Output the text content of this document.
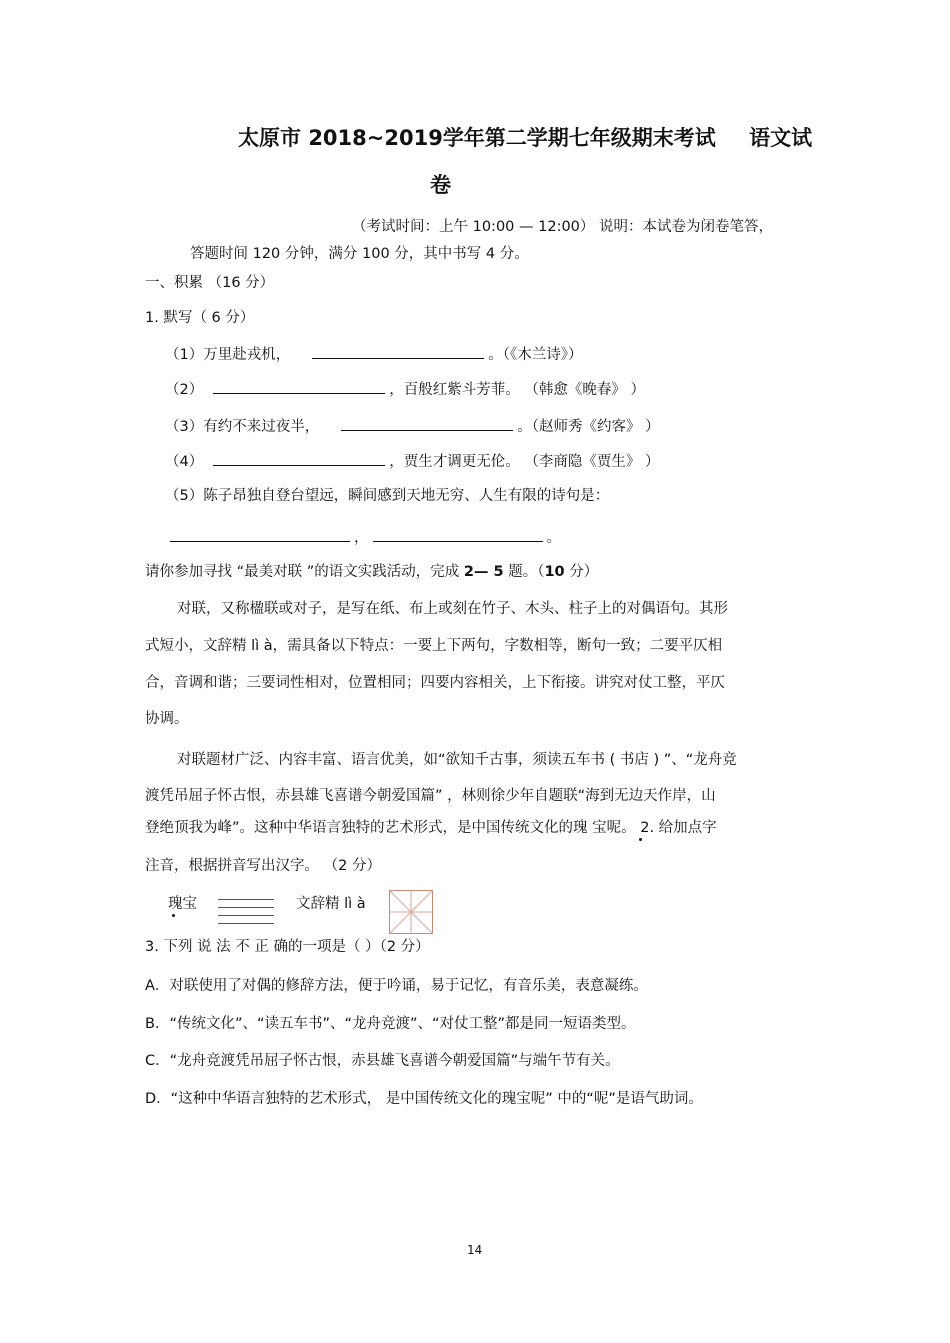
太原市 2018~2019学年第二学期七年级期末考试 语文试
卷
（考试时间：上午 10:00 — 12:00） 说明：本试卷为闭卷笔答，
答题时间 120 分钟，满分 100 分，其中书写 4 分。
一、积累 （16 分）
1. 默写（ 6 分）
（1）万里赴戎机，	。（《木兰诗》）
（2）	，百般红紫斗芳菲。 （韩愈《晚春》 ）
（3）有约不来过夜半，	。（赵师秀《约客》 ）
（4）	，贾生才调更无伦。 （李商隐《贾生》 ）
（5）陈子昂独自登台望远，瞬间感到天地无穷、人生有限的诗句是：
，	。
请你参加寻找 “最美对联 ”的语文实践活动，完成 2— 5 题。（10 分）
对联，又称楹联或对子，是写在纸、布上或刻在竹子、木头、柱子上的对偶语句。其形
式短小，文辞精 lì à，需具备以下特点：一要上下两句，字数相等，断句一致；二要平仄相
合，音调和谐；三要词性相对，位置相同；四要内容相关，上下衔接。讲究对仗工整，平仄
协调。
对联题材广泛、内容丰富、语言优美，如“欲知千古事，须读五车书 ( 书店 ) ”、“龙舟竞
渡凭吊屈子怀古恨，赤县雄飞喜谱今朝爱国篇” ，林则徐少年自题联“海到无边天作岸，山
登绝顶我为峰”。这种中华语言独特的艺术形式，是中国传统文化的瑰 宝呢。 2. 给加点字
注音，根据拼音写出汉字。 （2 分）
瑰宝	文辞精 lì à
3. 下列 说 法 不 正 确的一项是（ ）（2 分）
A．对联使用了对偶的修辞方法，便于吟诵，易于记忆，有音乐美，表意凝练。
B．“传统文化”、“读五车书”、“龙舟竞渡”、“对仗工整”都是同一短语类型。
C．“龙舟竞渡凭吊屈子怀古恨，赤县雄飞喜谱今朝爱国篇”与端午节有关。
D．“这种中华语言独特的艺术形式， 是中国传统文化的瑰宝呢” 中的“呢”是语气助词。
14
